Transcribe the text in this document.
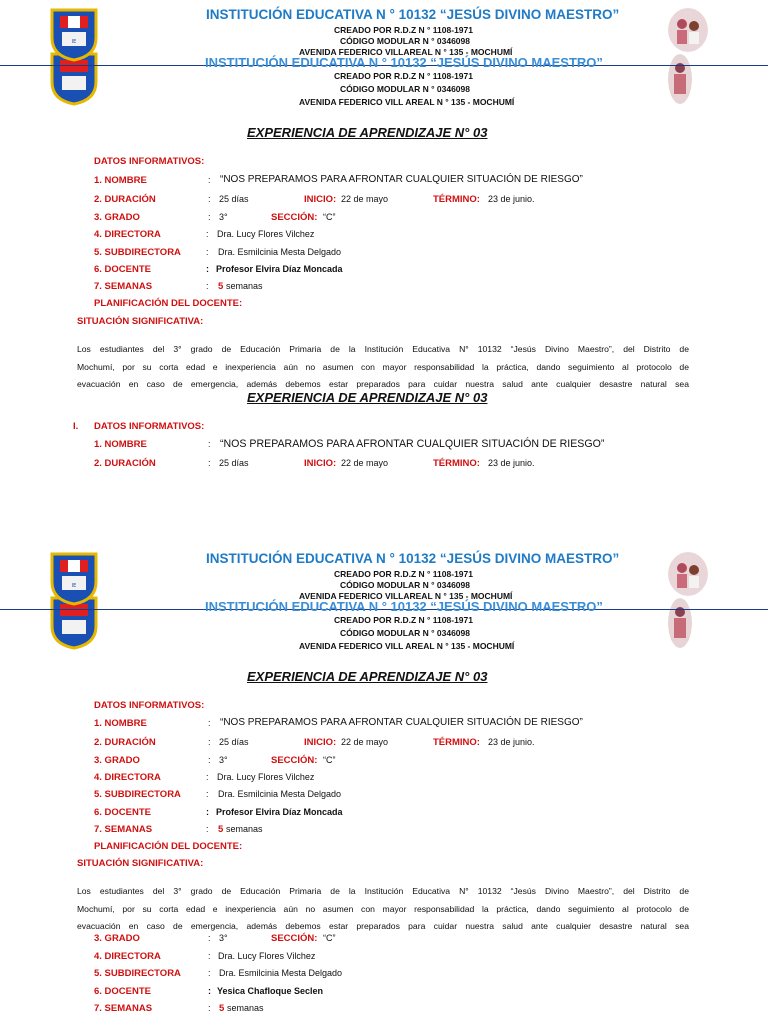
IE
INSTITUCIÓN EDUCATIVA N ° 10132 “JESÚS DIVINO MAESTRO”
CREADO POR R.D.Z N ° 1108-1971
CÓDIGO MODULAR N ° 0346098
AVENIDA FEDERICO VILLAREAL N ° 135 - MOCHUMÍ
INSTITUCIÓN EDUCATIVA N ° 10132 “JESÚS DIVINO MAESTRO”
CREADO POR R.D.Z N ° 1108-1971
CÓDIGO MODULAR N ° 0346098
AVENIDA FEDERICO VILL AREAL N ° 135 - MOCHUMÍ
EXPERIENCIA DE APRENDIZAJE N° 03
DATOS INFORMATIVOS:
1. NOMBRE	: “NOS PREPARAMOS PARA AFRONTAR CUALQUIER SITUACIÓN DE RIESGO”
2. DURACIÓN	: 25 días	INICIO: 22 de mayo	TÉRMINO: 23 de junio.
3. GRADO	: 3°	SECCIÓN: “C”
4. DIRECTORA	: Dra. Lucy Flores Vilchez
5. SUBDIRECTORA	: Dra. Esmilcinia Mesta Delgado
6. DOCENTE	: Profesor Elvira Díaz Moncada
7. SEMANAS	: 5 semanas
PLANIFICACIÓN DEL DOCENTE:
SITUACIÓN SIGNIFICATIVA:
Los estudiantes del 3° grado de Educación Primaria de la Institución Educativa N° 10132 “Jesús Divino Maestro”, del Distrito de
Mochumí, por su corta edad e inexperiencia aún no asumen con mayor responsabilidad la práctica, dando seguimiento al protocolo de
evacuación en caso de emergencia, además debemos estar preparados para cuidar nuestra salud ante cualquier desastre natural sea
EXPERIENCIA DE APRENDIZAJE N° 03
I. DATOS INFORMATIVOS:
1. NOMBRE	: “NOS PREPARAMOS PARA AFRONTAR CUALQUIER SITUACIÓN DE RIESGO”
2. DURACIÓN	: 25 días	INICIO: 22 de mayo	TÉRMINO: 23 de junio.
IE
INSTITUCIÓN EDUCATIVA N ° 10132 “JESÚS DIVINO MAESTRO”
CREADO POR R.D.Z N ° 1108-1971
CÓDIGO MODULAR N ° 0346098
AVENIDA FEDERICO VILLAREAL N ° 135 - MOCHUMÍ
INSTITUCIÓN EDUCATIVA N ° 10132 “JESÚS DIVINO MAESTRO”
CREADO POR R.D.Z N ° 1108-1971
CÓDIGO MODULAR N ° 0346098
AVENIDA FEDERICO VILL AREAL N ° 135 - MOCHUMÍ
EXPERIENCIA DE APRENDIZAJE N° 03
DATOS INFORMATIVOS:
1. NOMBRE	: “NOS PREPARAMOS PARA AFRONTAR CUALQUIER SITUACIÓN DE RIESGO”
2. DURACIÓN	: 25 días	INICIO: 22 de mayo	TÉRMINO: 23 de junio.
3. GRADO	: 3°	SECCIÓN: “C”
4. DIRECTORA	: Dra. Lucy Flores Vilchez
5. SUBDIRECTORA	: Dra. Esmilcinia Mesta Delgado
6. DOCENTE	: Profesor Elvira Díaz Moncada
7. SEMANAS	: 5 semanas
PLANIFICACIÓN DEL DOCENTE:
SITUACIÓN SIGNIFICATIVA:
Los estudiantes del 3° grado de Educación Primaria de la Institución Educativa N° 10132 “Jesús Divino Maestro”, del Distrito de
Mochumí, por su corta edad e inexperiencia aún no asumen con mayor responsabilidad la práctica, dando seguimiento al protocolo de
evacuación en caso de emergencia, además debemos estar preparados para cuidar nuestra salud ante cualquier desastre natural sea
3. GRADO	: 3°	SECCIÓN: “C”
4. DIRECTORA	: Dra. Lucy Flores Vilchez
5. SUBDIRECTORA	: Dra. Esmilcinia Mesta Delgado
6. DOCENTE	: Yesica Chafloque Seclen
7. SEMANAS	: 5 semanas
